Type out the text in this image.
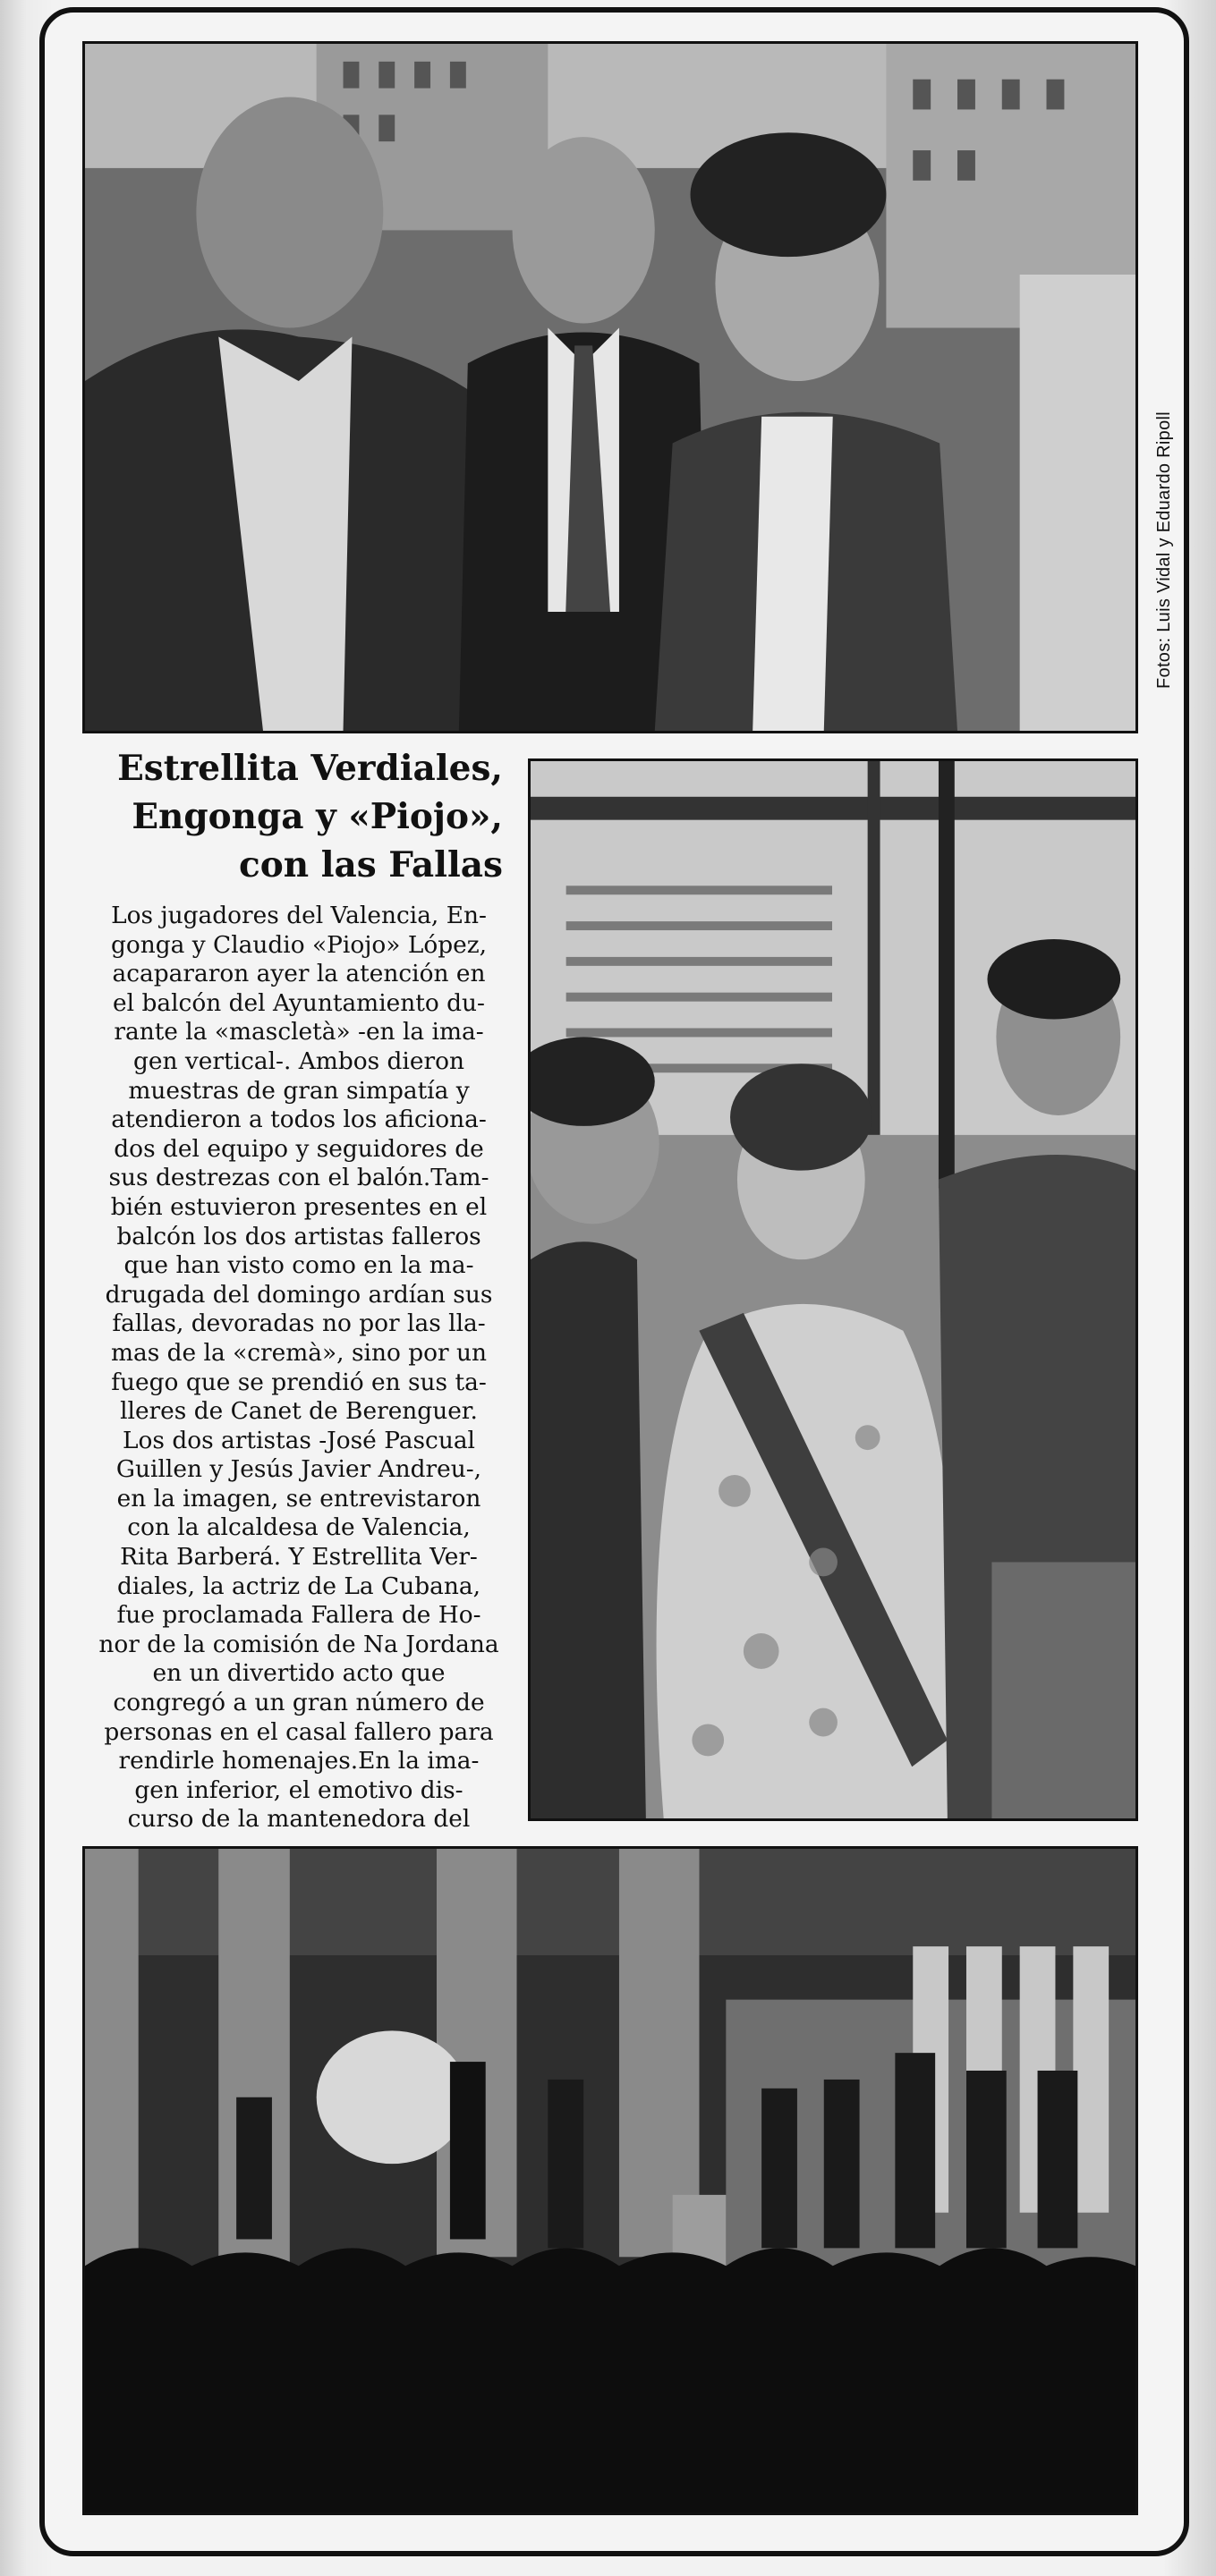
Fotos: Luis Vidal y Eduardo Ripoll
Estrellita Verdiales,
Engonga y «Piojo»,
con las Fallas
Los jugadores del Valencia, En-
gonga y Claudio «Piojo» López,
acapararon ayer la atención en
el balcón del Ayuntamiento du-
rante la «mascletà» -en la ima-
gen vertical-. Ambos dieron
muestras de gran simpatía y
atendieron a todos los aficiona-
dos del equipo y seguidores de
sus destrezas con el balón.Tam-
bién estuvieron presentes en el
balcón los dos artistas falleros
que han visto como en la ma-
drugada del domingo ardían sus
fallas, devoradas no por las lla-
mas de la «cremà», sino por un
fuego que se prendió en sus ta-
lleres de Canet de Berenguer.
Los dos artistas -José Pascual
Guillen y Jesús Javier Andreu-,
en la imagen, se entrevistaron
con la alcaldesa de Valencia,
Rita Barberá. Y Estrellita Ver-
diales, la actriz de La Cubana,
fue proclamada Fallera de Ho-
nor de la comisión de Na Jordana
en un divertido acto que
congregó a un gran número de
personas en el casal fallero para
rendirle homenajes.En la ima-
gen inferior, el emotivo dis-
curso de la mantenedora del
